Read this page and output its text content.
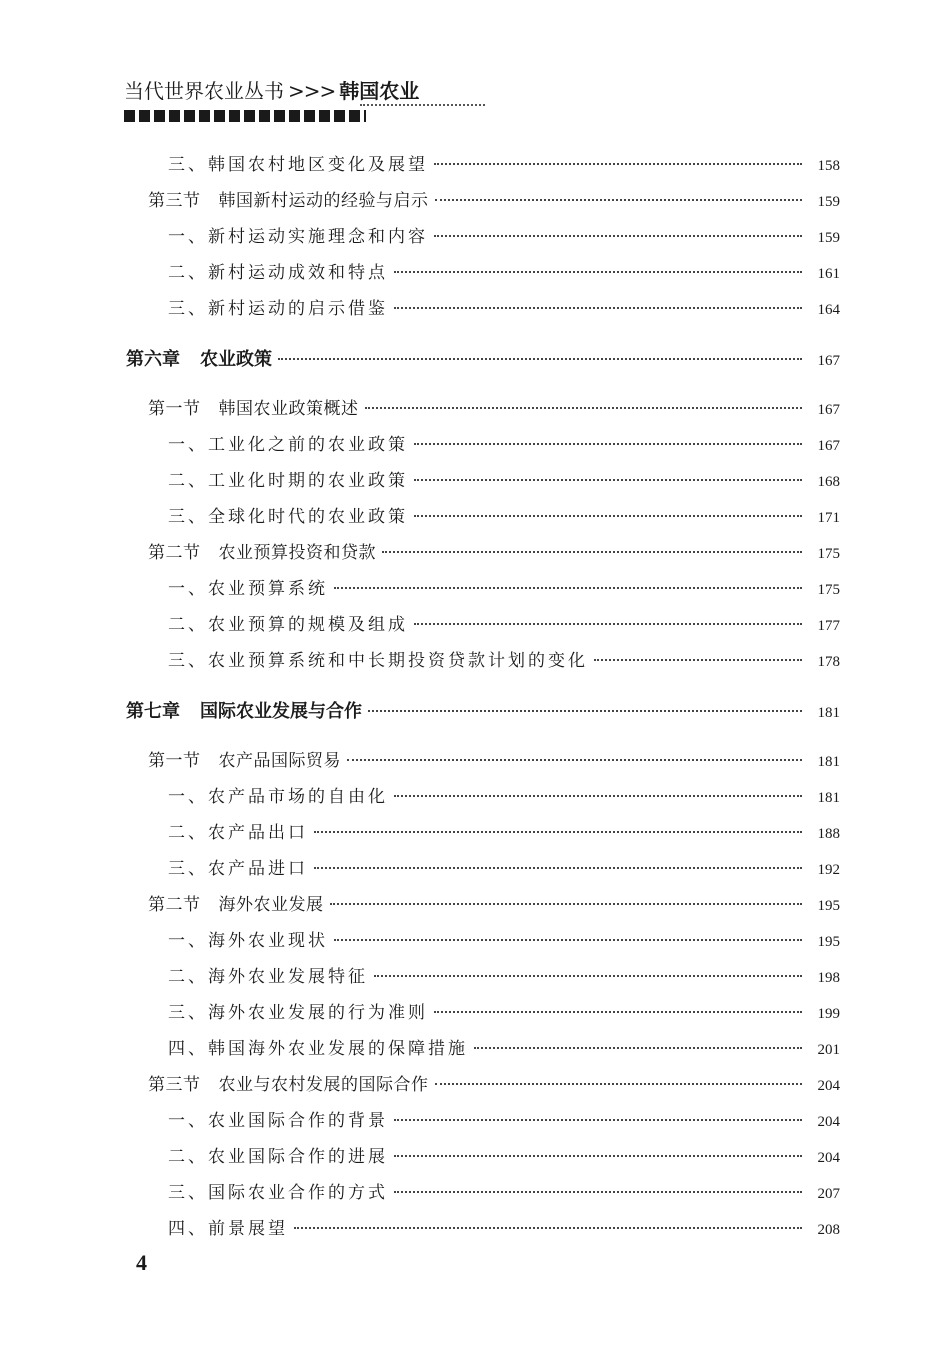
当代世界农业丛书 >>> 韩国农业
三、韩国农村地区变化及展望	158
第三节 韩国新村运动的经验与启示	159
一、新村运动实施理念和内容	159
二、新村运动成效和特点	161
三、新村运动的启示借鉴	164
第六章 农业政策	167
第一节 韩国农业政策概述	167
一、工业化之前的农业政策	167
二、工业化时期的农业政策	168
三、全球化时代的农业政策	171
第二节 农业预算投资和贷款	175
一、农业预算系统	175
二、农业预算的规模及组成	177
三、农业预算系统和中长期投资贷款计划的变化	178
第七章 国际农业发展与合作	181
第一节 农产品国际贸易	181
一、农产品市场的自由化	181
二、农产品出口	188
三、农产品进口	192
第二节 海外农业发展	195
一、海外农业现状	195
二、海外农业发展特征	198
三、海外农业发展的行为准则	199
四、韩国海外农业发展的保障措施	201
第三节 农业与农村发展的国际合作	204
一、农业国际合作的背景	204
二、农业国际合作的进展	204
三、国际农业合作的方式	207
四、前景展望	208
4
